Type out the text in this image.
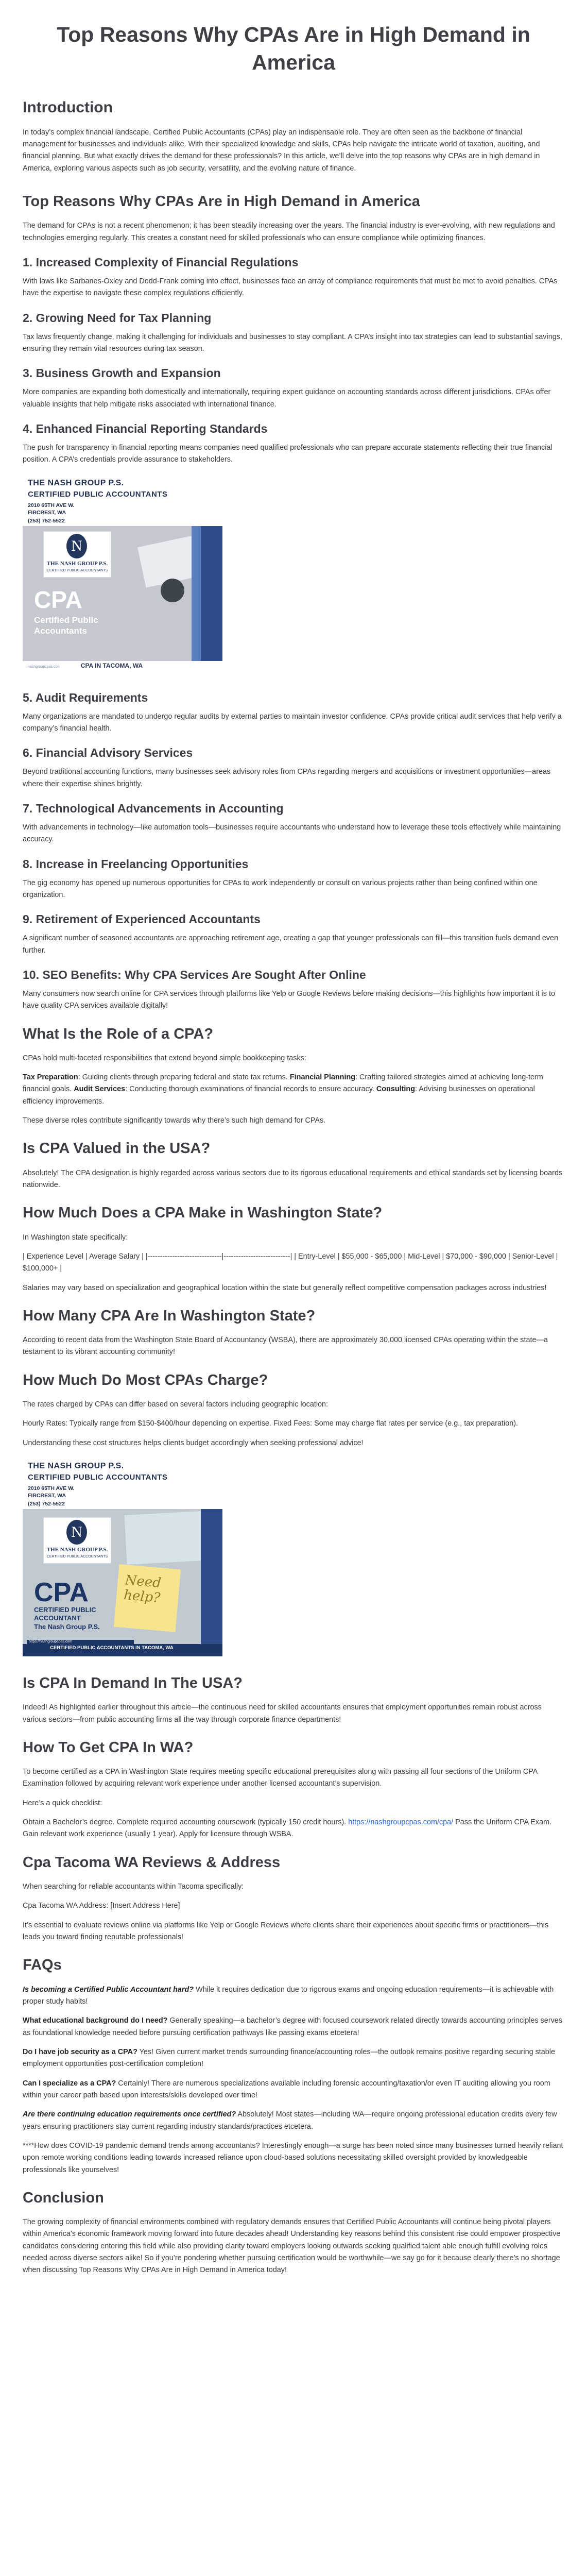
Top Reasons Why CPAs Are in High Demand in America
Introduction

In today’s complex financial landscape, Certified Public Accountants (CPAs) play an indispensable role. They are often seen as the backbone of financial management for businesses and individuals alike. With their specialized knowledge and skills, CPAs help navigate the intricate world of taxation, auditing, and financial planning. But what exactly drives the demand for these professionals? In this article, we’ll delve into the top reasons why CPAs are in high demand in America, exploring various aspects such as job security, versatility, and the evolving nature of finance.

Top Reasons Why CPAs Are in High Demand in America

The demand for CPAs is not a recent phenomenon; it has been steadily increasing over the years. The financial industry is ever-evolving, with new regulations and technologies emerging regularly. This creates a constant need for skilled professionals who can ensure compliance while optimizing finances.

1. Increased Complexity of Financial Regulations

With laws like Sarbanes-Oxley and Dodd-Frank coming into effect, businesses face an array of compliance requirements that must be met to avoid penalties. CPAs have the expertise to navigate these complex regulations efficiently.

2. Growing Need for Tax Planning

Tax laws frequently change, making it challenging for individuals and businesses to stay compliant. A CPA’s insight into tax strategies can lead to substantial savings, ensuring they remain vital resources during tax season.

3. Business Growth and Expansion

More companies are expanding both domestically and internationally, requiring expert guidance on accounting standards across different jurisdictions. CPAs offer valuable insights that help mitigate risks associated with international finance.

4. Enhanced Financial Reporting Standards

The push for transparency in financial reporting means companies need qualified professionals who can prepare accurate statements reflecting their true financial position. A CPA’s credentials provide assurance to stakeholders.

THE NASH GROUP P.S.
CERTIFIED PUBLIC ACCOUNTANTS
2010 65TH AVE W.
FIRCREST, WA
(253) 752-5522
N
THE NASH GROUP P.S.
CERTIFIED PUBLIC ACCOUNTANTS
CPA
Certified Public
Accountants
CPA IN TACOMA, WA
nashgroupcpas.com
5. Audit Requirements

Many organizations are mandated to undergo regular audits by external parties to maintain investor confidence. CPAs provide critical audit services that help verify a company’s financial health.

6. Financial Advisory Services

Beyond traditional accounting functions, many businesses seek advisory roles from CPAs regarding mergers and acquisitions or investment opportunities—areas where their expertise shines brightly.

7. Technological Advancements in Accounting

With advancements in technology—like automation tools—businesses require accountants who understand how to leverage these tools effectively while maintaining accuracy.

8. Increase in Freelancing Opportunities

The gig economy has opened up numerous opportunities for CPAs to work independently or consult on various projects rather than being confined within one organization.

9. Retirement of Experienced Accountants

A significant number of seasoned accountants are approaching retirement age, creating a gap that younger professionals can fill—this transition fuels demand even further.

10. SEO Benefits: Why CPA Services Are Sought After Online

Many consumers now search online for CPA services through platforms like Yelp or Google Reviews before making decisions—this highlights how important it is to have quality CPA services available digitally!

What Is the Role of a CPA?

CPAs hold multi-faceted responsibilities that extend beyond simple bookkeeping tasks:

Tax Preparation: Guiding clients through preparing federal and state tax returns. Financial Planning: Crafting tailored strategies aimed at achieving long-term financial goals. Audit Services: Conducting thorough examinations of financial records to ensure accuracy. Consulting: Advising businesses on operational efficiency improvements.

These diverse roles contribute significantly towards why there’s such high demand for CPAs.

Is CPA Valued in the USA?

Absolutely! The CPA designation is highly regarded across various sectors due to its rigorous educational requirements and ethical standards set by licensing boards nationwide.

How Much Does a CPA Make in Washington State?

In Washington state specifically:

| Experience Level | Average Salary | |------------------------------|---------------------------| | Entry-Level | $55,000 - $65,000 | Mid-Level | $70,000 - $90,000 | Senior-Level | $100,000+ |

Salaries may vary based on specialization and geographical location within the state but generally reflect competitive compensation packages across industries!

How Many CPA Are In Washington State?

According to recent data from the Washington State Board of Accountancy (WSBA), there are approximately 30,000 licensed CPAs operating within the state—a testament to its vibrant accounting community!

How Much Do Most CPAs Charge?

The rates charged by CPAs can differ based on several factors including geographic location:

Hourly Rates: Typically range from $150-$400/hour depending on expertise. Fixed Fees: Some may charge flat rates per service (e.g., tax preparation).

Understanding these cost structures helps clients budget accordingly when seeking professional advice!

Need help?
THE NASH GROUP P.S.
CERTIFIED PUBLIC ACCOUNTANTS
2010 65TH AVE W.
FIRCREST, WA
(253) 752-5522
N
THE NASH GROUP P.S.
CERTIFIED PUBLIC ACCOUNTANTS
CPA
CERTIFIED PUBLIC
ACCOUNTANT
The Nash Group P.S.
https://nashgroupcpas.com
CERTIFIED PUBLIC ACCOUNTANTS IN TACOMA, WA
Is CPA In Demand In The USA?

Indeed! As highlighted earlier throughout this article—the continuous need for skilled accountants ensures that employment opportunities remain robust across various sectors—from public accounting firms all the way through corporate finance departments!

How To Get CPA In WA?

To become certified as a CPA in Washington State requires meeting specific educational prerequisites along with passing all four sections of the Uniform CPA Examination followed by acquiring relevant work experience under another licensed accountant’s supervision.

Here’s a quick checklist:

Obtain a Bachelor’s degree. Complete required accounting coursework (typically 150 credit hours). https://nashgroupcpas.com/cpa/ Pass the Uniform CPA Exam. Gain relevant work experience (usually 1 year). Apply for licensure through WSBA.

Cpa Tacoma WA Reviews & Address

When searching for reliable accountants within Tacoma specifically:

Cpa Tacoma WA Address: [Insert Address Here]

It’s essential to evaluate reviews online via platforms like Yelp or Google Reviews where clients share their experiences about specific firms or practitioners—this leads you toward finding reputable professionals!

FAQs

Is becoming a Certified Public Accountant hard? While it requires dedication due to rigorous exams and ongoing education requirements—it is achievable with proper study habits!

What educational background do I need? Generally speaking—a bachelor’s degree with focused coursework related directly towards accounting principles serves as foundational knowledge needed before pursuing certification pathways like passing exams etcetera!

Do I have job security as a CPA? Yes! Given current market trends surrounding finance/accounting roles—the outlook remains positive regarding securing stable employment opportunities post-certification completion!

Can I specialize as a CPA? Certainly! There are numerous specializations available including forensic accounting/taxation/or even IT auditing allowing you room within your career path based upon interests/skills developed over time!

Are there continuing education requirements once certified? Absolutely! Most states—including WA—require ongoing professional education credits every few years ensuring practitioners stay current regarding industry standards/practices etcetera.

****How does COVID-19 pandemic demand trends among accountants? Interestingly enough—a surge has been noted since many businesses turned heavily reliant upon remote working conditions leading towards increased reliance upon cloud-based solutions necessitating skilled oversight provided by knowledgeable professionals like yourselves!

Conclusion

The growing complexity of financial environments combined with regulatory demands ensures that Certified Public Accountants will continue being pivotal players within America’s economic framework moving forward into future decades ahead! Understanding key reasons behind this consistent rise could empower prospective candidates considering entering this field while also providing clarity toward employers looking outwards seeking qualified talent able enough fulfill evolving roles needed across diverse sectors alike! So if you’re pondering whether pursuing certification would be worthwhile—we say go for it because clearly there’s no shortage when discussing Top Reasons Why CPAs Are in High Demand in America today!
